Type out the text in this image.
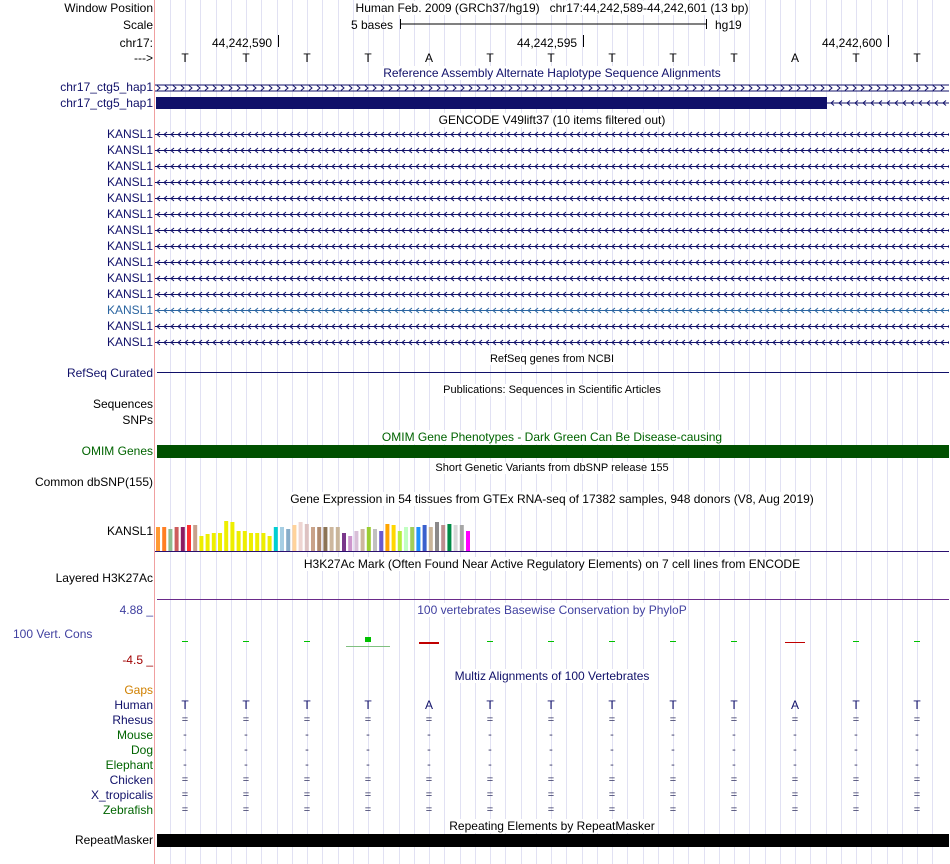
Window Position
Scale
chr17:
--->
Human Feb. 2009 (GRCh37/hg19)   chr17:44,242,589-44,242,601 (13 bp)
5 bases	hg19
44,242,590	44,242,595	44,242,600
T	T	T	T	A	T	T	T	T	T	A	T	T
Reference Assembly Alternate Haplotype Sequence Alignments
chr17_ctg5_hap1
chr17_ctg5_hap1
GENCODE V49lift37 (10 items filtered out)
KANSL1
KANSL1
KANSL1
KANSL1
KANSL1
KANSL1
KANSL1
KANSL1
KANSL1
KANSL1
KANSL1
KANSL1
KANSL1
KANSL1
RefSeq genes from NCBI
RefSeq Curated
Publications: Sequences in Scientific Articles
Sequences
SNPs
OMIM Gene Phenotypes - Dark Green Can Be Disease-causing
OMIM Genes
Short Genetic Variants from dbSNP release 155
Common dbSNP(155)
Gene Expression in 54 tissues from GTEx RNA-seq of 17382 samples, 948 donors (V8, Aug 2019)
KANSL1
H3K27Ac Mark (Often Found Near Active Regulatory Elements) on 7 cell lines from ENCODE
Layered H3K27Ac
100 vertebrates Basewise Conservation by PhyloP
4.88 _
100 Vert. Cons
-4.5 _
Multiz Alignments of 100 Vertebrates
Gaps
Human	T	T	T	T	A	T	T	T	T	T	A	T	T
Rhesus	=	=	=	=	=	=	=	=	=	=	=	=	=
Mouse	-	-	-	-	-	-	-	-	-	-	-	-	-
Dog	-	-	-	-	-	-	-	-	-	-	-	-	-
Elephant	-	-	-	-	-	-	-	-	-	-	-	-	-
Chicken	=	=	=	=	=	=	=	=	=	=	=	=	=
X_tropicalis	=	=	=	=	=	=	=	=	=	=	=	=	=
Zebrafish	=	=	=	=	=	=	=	=	=	=	=	=	=
Repeating Elements by RepeatMasker
RepeatMasker
